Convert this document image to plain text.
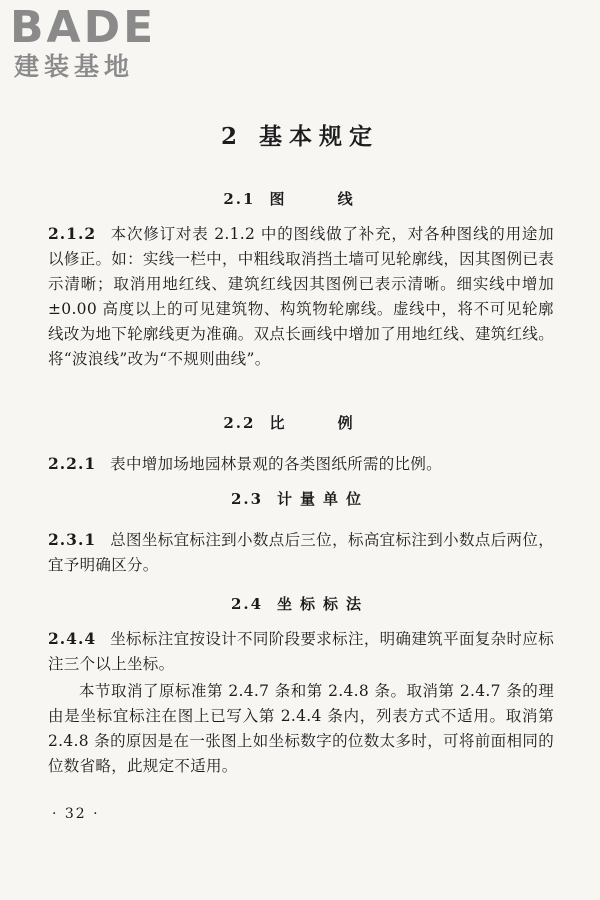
BADE
建装基地
2 基本规定
2.1 图 线

2.1.2 本次修订对表 2.1.2 中的图线做了补充，对各种图线的用途加以修正。如：实线一栏中，中粗线取消挡土墙可见轮廓线，因其图例已表示清晰；取消用地红线、建筑红线因其图例已表示清晰。细实线中增加±0.00 高度以上的可见建筑物、构筑物轮廓线。虚线中，将不可见轮廓线改为地下轮廓线更为准确。双点长画线中增加了用地红线、建筑红线。将“波浪线”改为“不规则曲线”。

2.2 比 例

2.2.1 表中增加场地园林景观的各类图纸所需的比例。

2.3 计量单位

2.3.1 总图坐标宜标注到小数点后三位，标高宜标注到小数点后两位，宜予明确区分。

2.4 坐标标法

2.4.4 坐标标注宜按设计不同阶段要求标注，明确建筑平面复杂时应标注三个以上坐标。

本节取消了原标准第 2.4.7 条和第 2.4.8 条。取消第 2.4.7 条的理由是坐标宜标注在图上已写入第 2.4.4 条内，列表方式不适用。取消第 2.4.8 条的原因是在一张图上如坐标数字的位数太多时，可将前面相同的位数省略，此规定不适用。

· 32 ·
